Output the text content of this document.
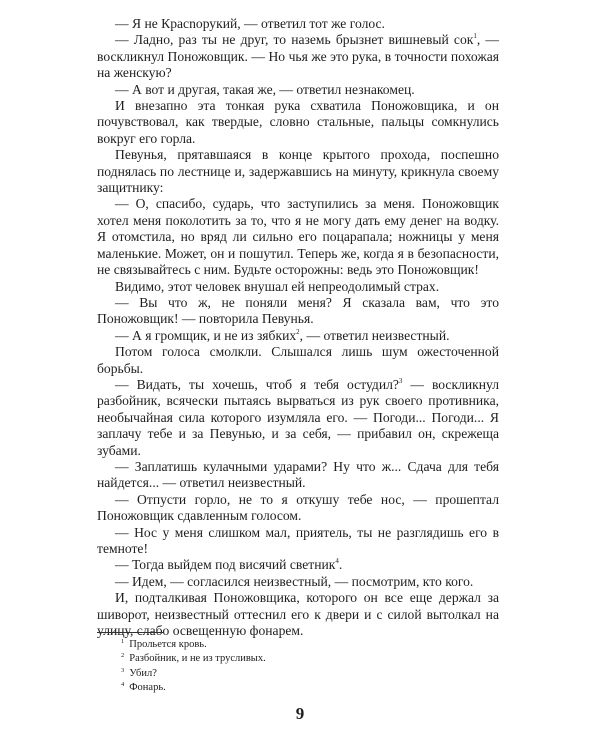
— Я не Красnорукий, — ответил тот же голос.

— Ладно, раз ты не друг, то наземь брызнет вишневый сок$^1$, — воскликнул Поножовщик. — Но чья же это рука, в точности похожая на женскую?

— А вот и другая, такая же, — ответил незнакомец.

И внезапно эта тонкая рука схватила Поножовщика, и он почувствовал, как твердые, словно стальные, пальцы сомкнулись вокруг его горла.

Певунья, прятавшаяся в конце крытого прохода, поспешно поднялась по лестнице и, задержавшись на минуту, крикнула своему защитнику:

— О, спасибо, сударь, что заступились за меня. Поножовщик хотел меня поколотить за то, что я не могу дать ему денег на водку. Я отомстила, но вряд ли сильно его поцарапала; ножницы у меня маленькие. Может, он и пошутил. Теперь же, когда я в безопасности, не связывайтесь с ним. Будьте осторожны: ведь это Поножовщик!

Видимо, этот человек внушал ей непреодолимый страх.

— Вы что ж, не поняли меня? Я сказала вам, что это Поножовщик! — повторила Певунья.

— А я громщик, и не из зябких$^2$, — ответил неизвестный.

Потом голоса смолкли. Слышался лишь шум ожесточенной борьбы.

— Видать, ты хочешь, чтоб я тебя остудил?$^3$ — воскликнул разбойник, всячески пытаясь вырваться из рук своего противника, необычайная сила которого изумляла его. — Погоди... Погоди... Я заплачу тебе и за Певунью, и за себя, — прибавил он, скрежеща зубами.

— Заплатишь кулачными ударами? Ну что ж... Сдача для тебя найдется... — ответил неизвестный.

— Отпусти горло, не то я откушу тебе нос, — прошептал Поножовщик сдавленным голосом.

— Нос у меня слишком мал, приятель, ты не разглядишь его в темноте!

— Тогда выйдем под висячий светник$^4$.

— Идем, — согласился неизвестный, — посмотрим, кто кого.

И, подталкивая Поножовщика, которого он все еще держал за шиворот, неизвестный оттеснил его к двери и с силой вытолкал на улицу, слабо освещенную фонарем.

$^1$ Прольется кровь.
$^2$ Разбойник, и не из трусливых.
$^3$ Убил?
$^4$ Фонарь.
9
